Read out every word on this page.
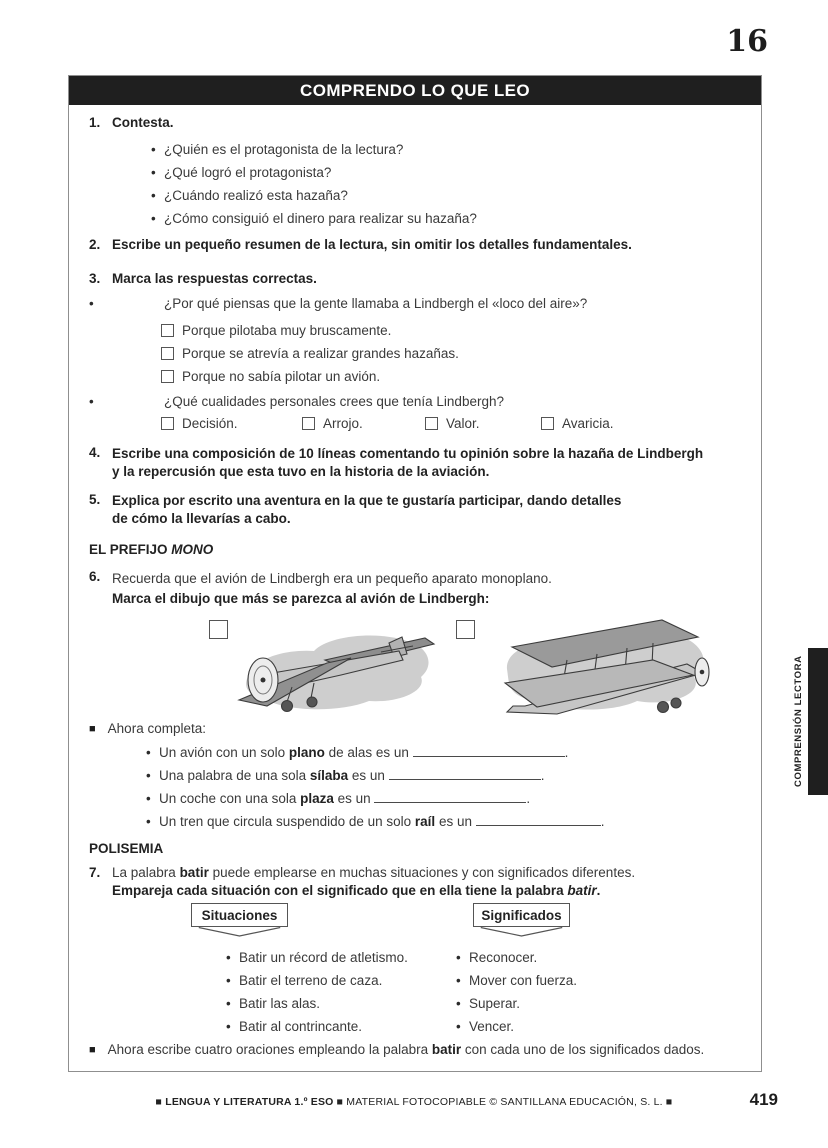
16
COMPRENDO LO QUE LEO
1. Contesta.
• ¿Quién es el protagonista de la lectura?
• ¿Qué logró el protagonista?
• ¿Cuándo realizó esta hazaña?
• ¿Cómo consiguió el dinero para realizar su hazaña?
2. Escribe un pequeño resumen de la lectura, sin omitir los detalles fundamentales.
3. Marca las respuestas correctas.
• ¿Por qué piensas que la gente llamaba a Lindbergh el «loco del aire»?
Porque pilotaba muy bruscamente.
Porque se atrevía a realizar grandes hazañas.
Porque no sabía pilotar un avión.
• ¿Qué cualidades personales crees que tenía Lindbergh?
Decisión.	Arrojo.	Valor.	Avaricia.
4. Escribe una composición de 10 líneas comentando tu opinión sobre la hazaña de Lindbergh
y la repercusión que esta tuvo en la historia de la aviación.
5. Explica por escrito una aventura en la que te gustaría participar, dando detalles
de cómo la llevarías a cabo.
EL PREFIJO MONO
6. Recuerda que el avión de Lindbergh era un pequeño aparato monoplano.
Marca el dibujo que más se parezca al avión de Lindbergh:
■ Ahora completa:
• Un avión con un solo plano de alas es un	.
• Una palabra de una sola sílaba es un	.
• Un coche con una sola plaza es un	.
• Un tren que circula suspendido de un solo raíl es un	.
POLISEMIA
7. La palabra batir puede emplearse en muchas situaciones y con significados diferentes.
Empareja cada situación con el significado que en ella tiene la palabra batir.
Situaciones	Significados
• Batir un récord de atletismo.
• Batir el terreno de caza.
• Batir las alas.
• Batir al contrincante.
• Reconocer.
• Mover con fuerza.
• Superar.
• Vencer.
■ Ahora escribe cuatro oraciones empleando la palabra batir con cada uno de los significados dados.
COMPRENSIÓN LECTORA
■ LENGUA Y LITERATURA 1.º ESO ■ MATERIAL FOTOCOPIABLE © SANTILLANA EDUCACIÓN, S. L. ■	419
